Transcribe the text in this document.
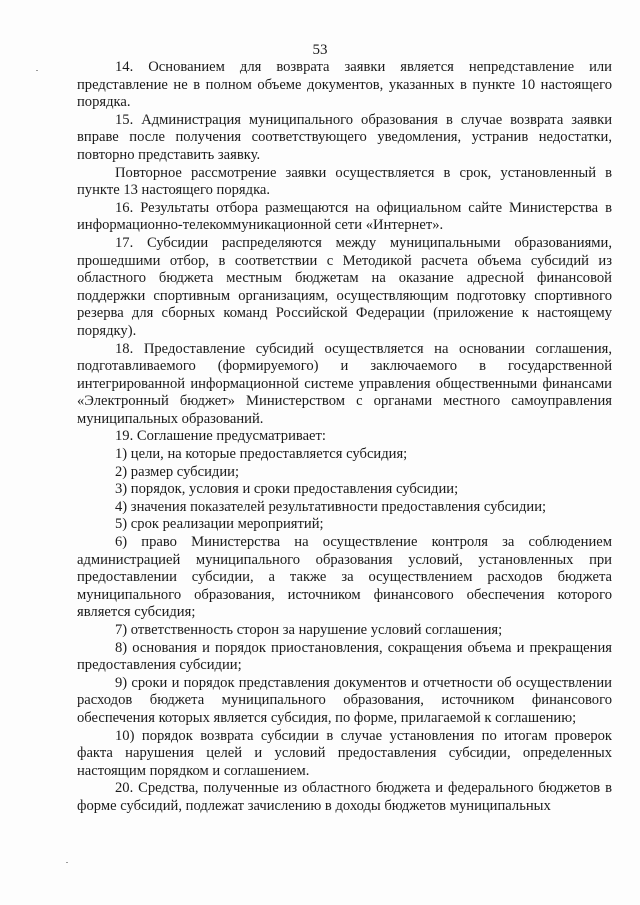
53

14. Основанием для возврата заявки является непредставление или представление не в полном объеме документов, указанных в пункте 10 настоящего порядка.

15. Администрация муниципального образования в случае возврата заявки вправе после получения соответствующего уведомления, устранив недостатки, повторно представить заявку.

Повторное рассмотрение заявки осуществляется в срок, установленный в пункте 13 настоящего порядка.

16. Результаты отбора размещаются на официальном сайте Министерства в информационно-телекоммуникационной сети «Интернет».

17. Субсидии распределяются между муниципальными образованиями, прошедшими отбор, в соответствии с Методикой расчета объема субсидий из областного бюджета местным бюджетам на оказание адресной финансовой поддержки спортивным организациям, осуществляющим подготовку спортивного резерва для сборных команд Российской Федерации (приложение к настоящему порядку).

18. Предоставление субсидий осуществляется на основании соглашения, подготавливаемого (формируемого) и заключаемого в государственной интегрированной информационной системе управления общественными финансами «Электронный бюджет» Министерством с органами местного самоуправления муниципальных образований.

19. Соглашение предусматривает:

1) цели, на которые предоставляется субсидия;

2) размер субсидии;

3) порядок, условия и сроки предоставления субсидии;

4) значения показателей результативности предоставления субсидии;

5) срок реализации мероприятий;

6) право Министерства на осуществление контроля за соблюдением администрацией муниципального образования условий, установленных при предоставлении субсидии, а также за осуществлением расходов бюджета муниципального образования, источником финансового обеспечения которого является субсидия;

7) ответственность сторон за нарушение условий соглашения;

8) основания и порядок приостановления, сокращения объема и прекращения предоставления субсидии;

9) сроки и порядок представления документов и отчетности об осуществлении расходов бюджета муниципального образования, источником финансового обеспечения которых является субсидия, по форме, прилагаемой к соглашению;

10) порядок возврата субсидии в случае установления по итогам проверок факта нарушения целей и условий предоставления субсидии, определенных настоящим порядком и соглашением.

20. Средства, полученные из областного бюджета и федерального бюджетов в форме субсидий, подлежат зачислению в доходы бюджетов муниципальных
